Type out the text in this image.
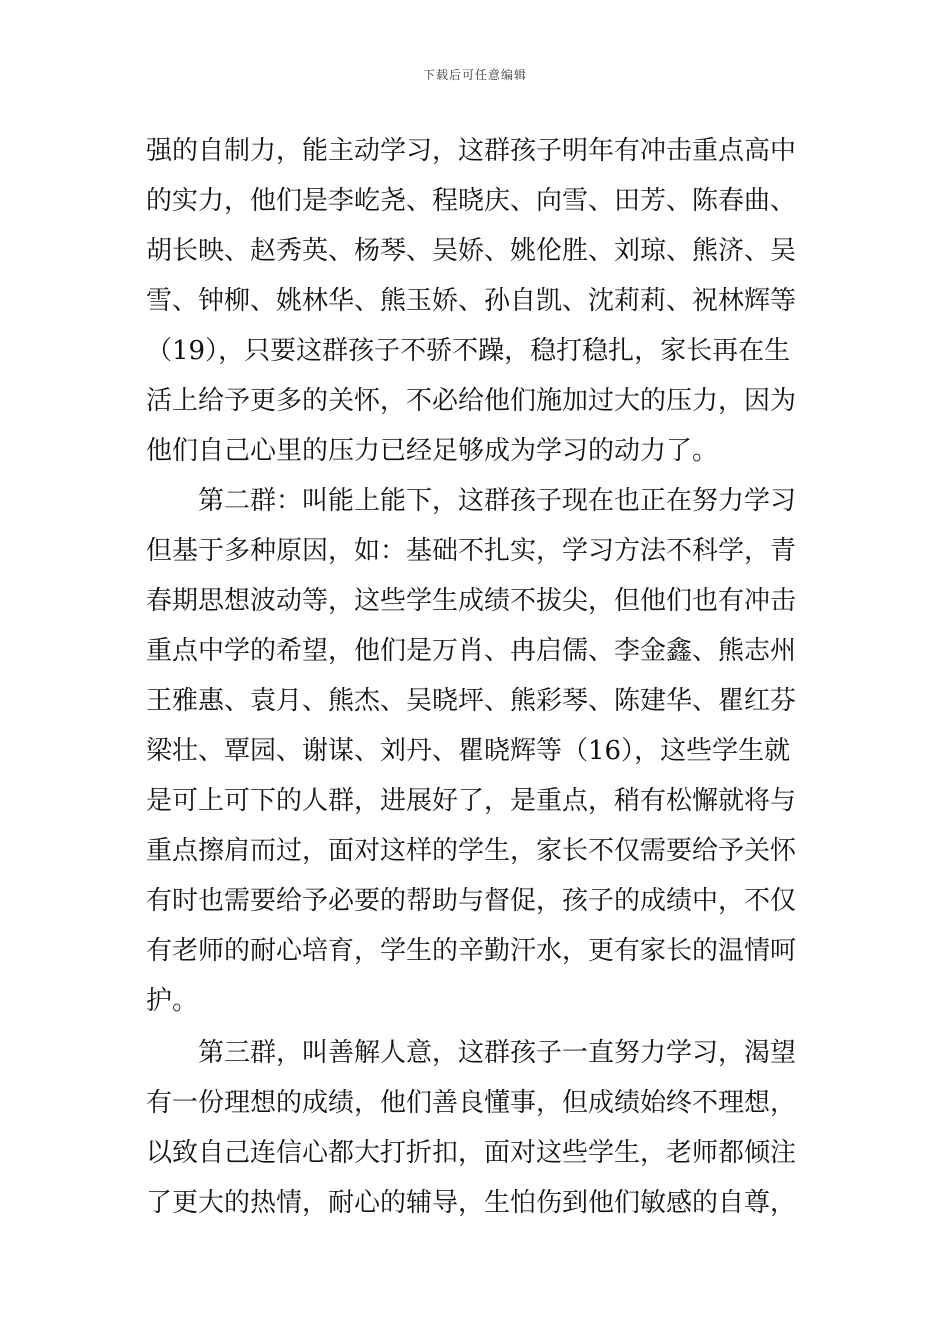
下载后可任意编辑
强的自制力，能主动学习，这群孩子明年有冲击重点高中
的实力，他们是李屹尧、程晓庆、向雪、田芳、陈春曲、
胡长映、赵秀英、杨琴、吴娇、姚伦胜、刘琼、熊济、吴
雪、钟柳、姚林华、熊玉娇、孙自凯、沈莉莉、祝林辉等
（19），只要这群孩子不骄不躁，稳打稳扎，家长再在生
活上给予更多的关怀，不必给他们施加过大的压力，因为
他们自己心里的压力已经足够成为学习的动力了。
　　第二群：叫能上能下，这群孩子现在也正在努力学习
但基于多种原因，如：基础不扎实，学习方法不科学，青
春期思想波动等，这些学生成绩不拔尖，但他们也有冲击
重点中学的希望，他们是万肖、冉启儒、李金鑫、熊志州
王雅惠、袁月、熊杰、吴晓坪、熊彩琴、陈建华、瞿红芬
梁壮、覃园、谢谋、刘丹、瞿晓辉等（16），这些学生就
是可上可下的人群，进展好了，是重点，稍有松懈就将与
重点擦肩而过，面对这样的学生，家长不仅需要给予关怀
有时也需要给予必要的帮助与督促，孩子的成绩中，不仅
有老师的耐心培育，学生的辛勤汗水，更有家长的温情呵
护。
　　第三群，叫善解人意，这群孩子一直努力学习，渴望
有一份理想的成绩，他们善良懂事，但成绩始终不理想，
以致自己连信心都大打折扣，面对这些学生，老师都倾注
了更大的热情，耐心的辅导，生怕伤到他们敏感的自尊，
